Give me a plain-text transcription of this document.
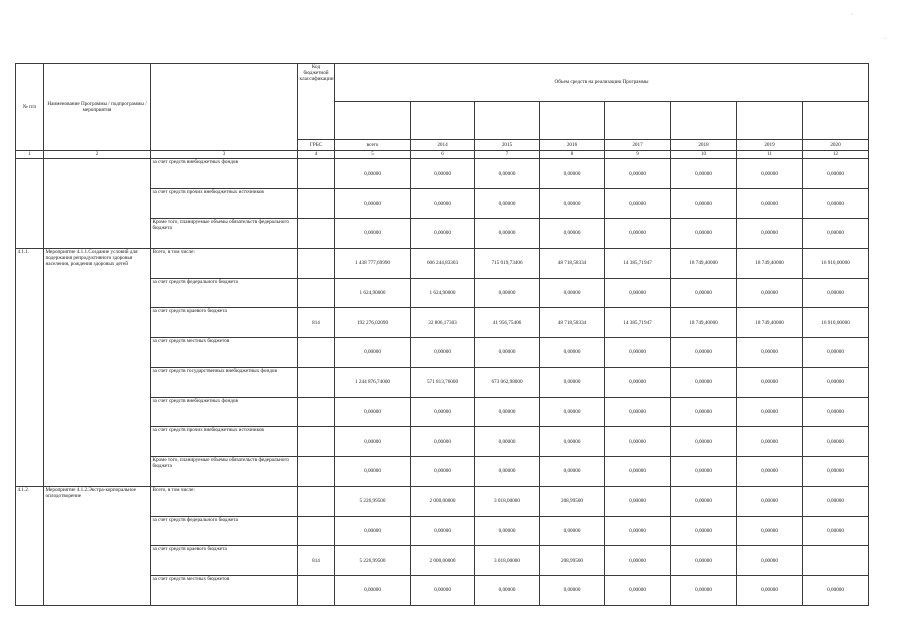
·
·
№ п/п	Наименование Программы / подпрограммы / мероприятия		Код бюджетной классификации	Объем средств на реализацию Программы							

			ГРБС	всего	2014	2015	2016	2017	2018	2019	2020
1	2	3	4	5	6	7	8	9	10	11	12
		за счет средств внебюджетных фондов		0,00000	0,00000	0,00000	0,00000	0,00000	0,00000	0,00000	0,00000
		за счет средств прочих внебюджетных источников		0,00000	0,00000	0,00000	0,00000	0,00000	0,00000	0,00000	0,00000
		Кроме того, планируемые объемы обязательств федерального бюджета		0,00000	0,00000	0,00000	0,00000	0,00000	0,00000	0,00000	0,00000
4.1.1.	Мероприятие 4.1.1.Создание условий для подержания репродуктивного здоровья населения, рождения здоровых детей	Всего, в том числе:		1 438 777,69990	606 244,83303	715 019,73406	48 718,58334	14 385,71947	18 749,40000	18 749,40000	16 910,00000
		за счет средств федерального бюджета		1 624,90000	1 624,90000	0,00000	0,00000	0,00000	0,00000	0,00000	0,00000
		за счет средств краевого бюджета	814	192 276,02090	32 806,17303	41 956,75406	48 718,58334	14 385,71947	18 749,40000	18 749,40000	16 910,00000
		за счет средств местных бюджетов		0,00000	0,00000	0,00000	0,00000	0,00000	0,00000	0,00000	0,00000
		за счет средств государственных внебюджетных фондов		1 244 876,74000	571 813,76000	673 062,98000	0,00000	0,00000	0,00000	0,00000	0,00000
		за счет средств внебюджетных фондов		0,00000	0,00000	0,00000	0,00000	0,00000	0,00000	0,00000	0,00000
		за счет средств прочих внебюджетных источников		0,00000	0,00000	0,00000	0,00000	0,00000	0,00000	0,00000	0,00000
		Кроме того, планируемые объемы обязательств федерального бюджета		0,00000	0,00000	0,00000	0,00000	0,00000	0,00000	0,00000	0,00000
4.1.2.	Мероприятие 4.1.2.Экстра-корпоральное оплодотворение	Всего, в том числе:		5 226,99500	2 000,00000	3 018,00000	208,99500	0,00000	0,00000	0,00000	0,00000
		за счет средств федерального бюджета		0,00000	0,00000	0,00000	0,00000	0,00000	0,00000	0,00000	0,00000
		за счет средств краевого бюджета	814	5 226,99500	2 000,00000	3 018,00000	208,99500	0,00000	0,00000	0,00000	
		за счет средств местных бюджетов		0,00000	0,00000	0,00000	0,00000	0,00000	0,00000	0,00000	0,00000
